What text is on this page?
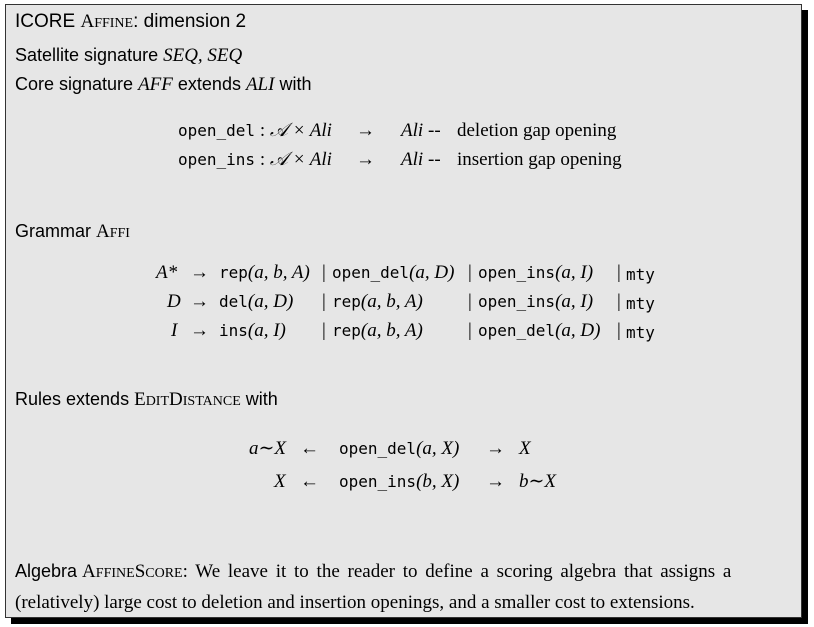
ICORE AFFINE: dimension 2
Satellite signature SEQ, SEQ
Core signature AFF extends ALI with
open_del : 𝒜 × Ali → Ali -- deletion gap opening
open_ins : 𝒜 × Ali → Ali -- insertion gap opening
Grammar AFFI
A* → rep(a, b, A) | open_del(a, D) | open_ins(a, I) | mty
D → del(a, D) | rep(a, b, A) | open_ins(a, I) | mty
I → ins(a, I) | rep(a, b, A) | open_del(a, D) | mty
Rules extends EDITDISTANCE with
a∼X ← open_del(a, X) → X
X ← open_ins(b, X) → b∼X
Algebra AFFINESCORE: We leave it to the reader to define a scoring algebra that assigns a
(relatively) large cost to deletion and insertion openings, and a smaller cost to extensions.
